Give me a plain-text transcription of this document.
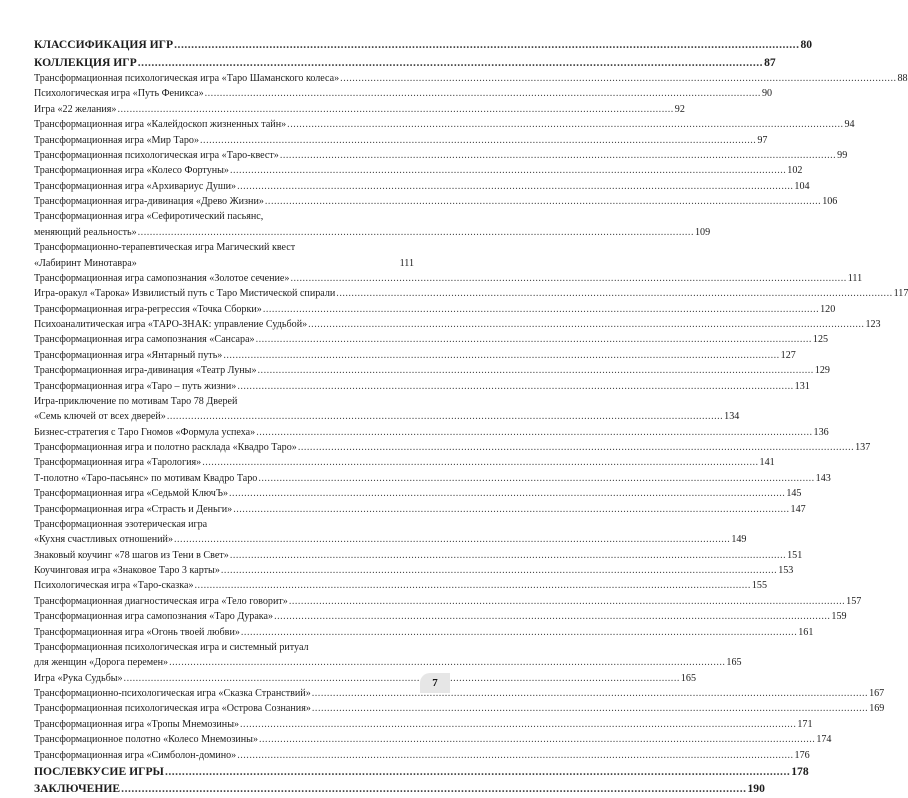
КЛАССИФИКАЦИЯ ИГР .....	80
КОЛЛЕКЦИЯ ИГР .....	87
Трансформационная психологическая игра «Таро Шаманского колеса» .....	88
Психологическая игра «Путь Феникса» .....	90
Игра «22 желания» .....	92
Трансформационная игра «Калейдоскоп жизненных тайн» .....	94
Трансформационная игра «Мир Таро» .....	97
Трансформационная психологическая игра «Таро-квест» .....	99
Трансформационная игра «Колесо Фортуны» .....	102
Трансформационная игра «Архивариус Души» .....	104
Трансформационная игра-дивинация «Древо Жизни» .....	106
Трансформационная игра «Сефиротический пасьянс,
меняющий реальность» .....	109
Трансформационно-терапевтическая игра Магический квест
«Лабиринт Минотавра»	111
Трансформационная игра самопознания «Золотое сечение» .....	111
Игра-оракул «Тарока» Извилистый путь с Таро Мистической спирали .....	117
Трансформационная игра-регрессия «Точка Сборки» .....	120
Психоаналитическая игра «ТАРО-ЗНАК: управление Судьбой» .....	123
Трансформационная игра самопознания «Сансара» .....	125
Трансформационная игра «Янтарный путь» .....	127
Трансформационная игра-дивинация «Театр Луны» .....	129
Трансформационная игра «Таро – путь жизни» .....	131
Игра-приключение по мотивам Таро 78 Дверей
«Семь ключей от всех дверей» .....	134
Бизнес-стратегия с Таро Гномов «Формула успеха» .....	136
Трансформационная игра и полотно расклада «Квадро Таро» .....	137
Трансформационная игра «Таролoгия» .....	141
Т-полотно «Таро-пасьянс» по мотивам Квадро Таро .....	143
Трансформационная игра «Седьмой КлючЪ» .....	145
Трансформационная игра «Страсть и Деньги» .....	147
Трансформационная эзотерическая игра
«Кухня счастливых отношений» .....	149
Знаковый коучинг «78 шагов из Тени в Свет» .....	151
Коучинговая игра «Знаковое Таро 3 карты» .....	153
Психологическая игра «Таро-сказка» .....	155
Трансформационная диагностическая игра «Тело говорит» .....	157
Трансформационная игра самопознания «Таро Дурака» .....	159
Трансформационная игра «Огонь твоей любви» .....	161
Трансформационная психологическая игра и системный ритуал
для женщин «Дорога перемен» .....	165
Игра «Рука Судьбы» .....	165
Трансформационно-психологическая игра «Сказка Странствий» .....	167
Трансформационная психологическая игра «Острова Сознания» .....	169
Трансформационная игра «Тропы Мнемозины» .....	171
Трансформационное полотно «Колесо Мнемозины» .....	174
Трансформационная игра «Симболон-домино» .....	176
ПОСЛЕВКУСИЕ ИГРЫ .....	178
ЗАКЛЮЧЕНИЕ .....	190
7
